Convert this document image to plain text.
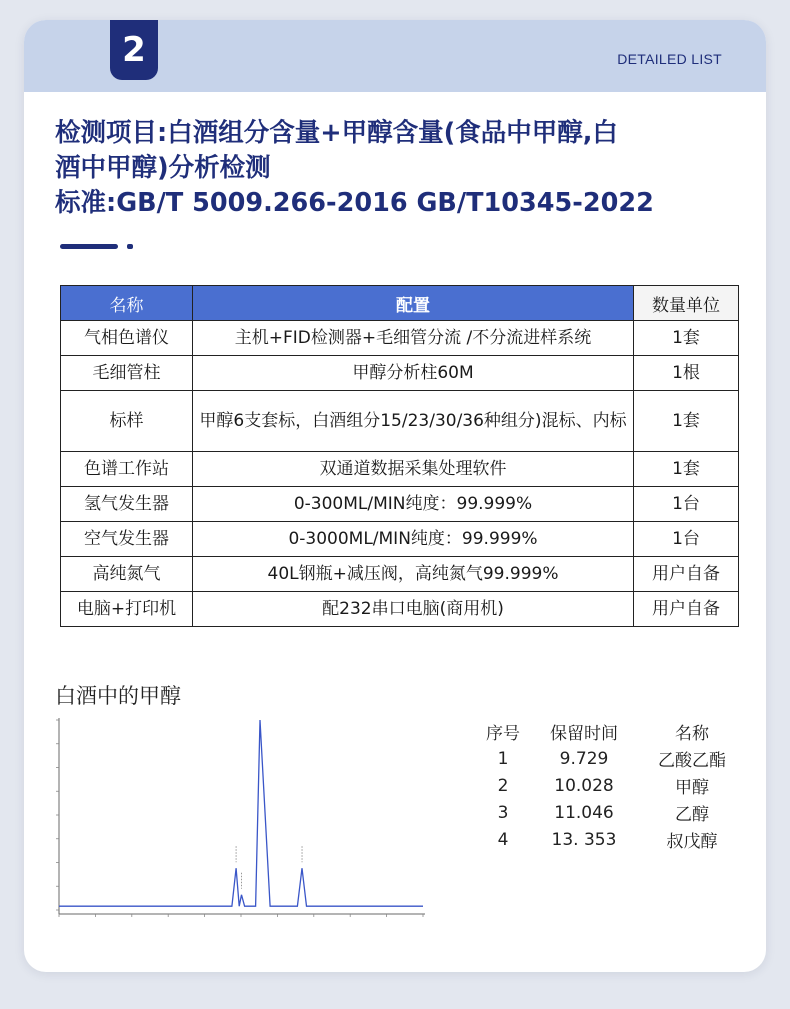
2	DETAILED LIST
检测项目:白酒组分含量+甲醇含量(食品中甲醇,白
酒中甲醇)分析检测
标准:GB/T 5009.266-2016 GB/T10345-2022
名称	配置	数量单位
气相色谱仪	主机+FID检测器+毛细管分流 /不分流进样系统	1套
毛细管柱	甲醇分析柱60M	1根
标样	甲醇6支套标，白酒组分15/23/30/36种组分)混标、内标	1套
色谱工作站	双通道数据采集处理软件	1套
氢气发生器	0-300ML/MIN纯度：99.999%	1台
空气发生器	0-3000ML/MIN纯度：99.999%	1台
高纯氮气	40L钢瓶+减压阀，高纯氮气99.999%	用户自备
电脑+打印机	配232串口电脑(商用机)	用户自备
白酒中的甲醇
序号	保留时间	名称
1	9.729	乙酸乙酯
2	10.028	甲醇
3	11.046	乙醇
4	13. 353	叔戊醇
